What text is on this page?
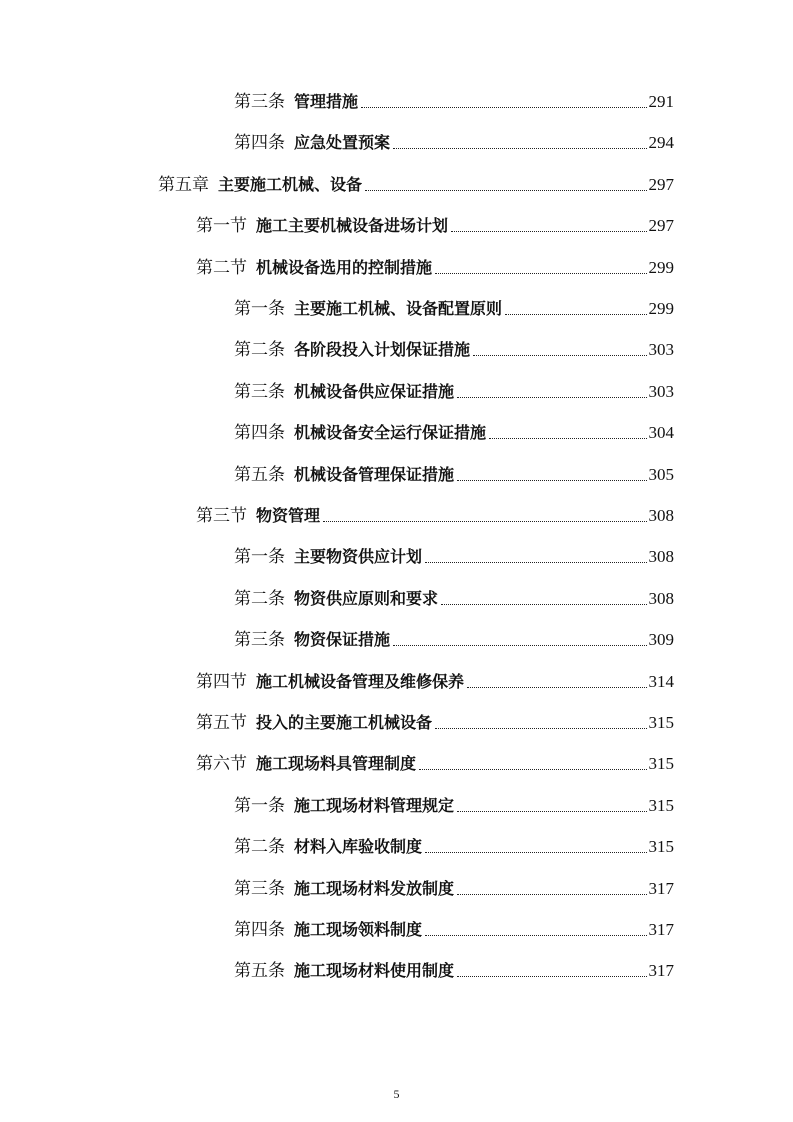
第三条 管理措施	291
第四条 应急处置预案	294
第五章 主要施工机械、设备	297
第一节 施工主要机械设备进场计划	297
第二节 机械设备选用的控制措施	299
第一条 主要施工机械、设备配置原则	299
第二条 各阶段投入计划保证措施	303
第三条 机械设备供应保证措施	303
第四条 机械设备安全运行保证措施	304
第五条 机械设备管理保证措施	305
第三节 物资管理	308
第一条 主要物资供应计划	308
第二条 物资供应原则和要求	308
第三条 物资保证措施	309
第四节 施工机械设备管理及维修保养	314
第五节 投入的主要施工机械设备	315
第六节 施工现场料具管理制度	315
第一条 施工现场材料管理规定	315
第二条 材料入库验收制度	315
第三条 施工现场材料发放制度	317
第四条 施工现场领料制度	317
第五条 施工现场材料使用制度	317
5
